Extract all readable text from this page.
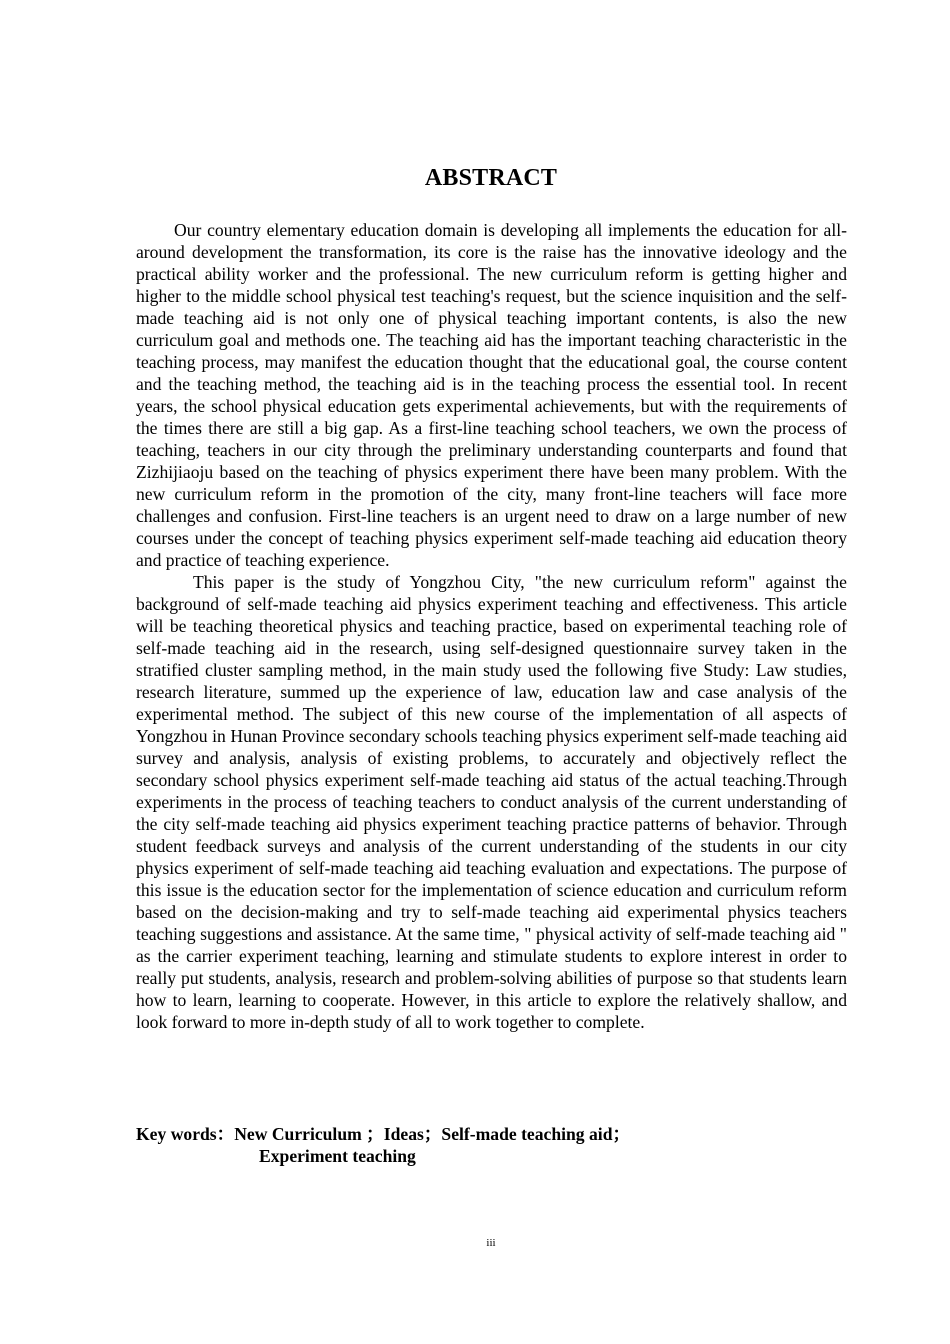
ABSTRACT

Our country elementary education domain is developing all implements the education for all-around development the transformation, its core is the raise has the innovative ideology and the practical ability worker and the professional. The new curriculum reform is getting higher and higher to the middle school physical test teaching's request, but the science inquisition and the self-made teaching aid is not only one of physical teaching important contents, is also the new curriculum goal and methods one. The teaching aid has the important teaching characteristic in the teaching process, may manifest the education thought that the educational goal, the course content and the teaching method, the teaching aid is in the teaching process the essential tool. In recent years, the school physical education gets experimental achievements, but with the requirements of the times there are still a big gap. As a first-line teaching school teachers, we own the process of teaching, teachers in our city through the preliminary understanding counterparts and found that Zizhijiaoju based on the teaching of physics experiment there have been many problem. With the new curriculum reform in the promotion of the city, many front-line teachers will face more challenges and confusion. First-line teachers is an urgent need to draw on a large number of new courses under the concept of teaching physics experiment self-made teaching aid education theory and practice of teaching experience.

This paper is the study of Yongzhou City, "the new curriculum reform" against the background of self-made teaching aid physics experiment teaching and effectiveness. This article will be teaching theoretical physics and teaching practice, based on experimental teaching role of self-made teaching aid in the research, using self-designed questionnaire survey taken in the stratified cluster sampling method, in the main study used the following five Study: Law studies, research literature, summed up the experience of law, education law and case analysis of the experimental method. The subject of this new course of the implementation of all aspects of Yongzhou in Hunan Province secondary schools teaching physics experiment self-made teaching aid survey and analysis, analysis of existing problems, to accurately and objectively reflect the secondary school physics experiment self-made teaching aid status of the actual teaching.Through experiments in the process of teaching teachers to conduct analysis of the current understanding of the city self-made teaching aid physics experiment teaching practice patterns of behavior. Through student feedback surveys and analysis of the current understanding of the students in our city physics experiment of self-made teaching aid teaching evaluation and expectations. The purpose of this issue is the education sector for the implementation of science education and curriculum reform based on the decision-making and try to self-made teaching aid experimental physics teachers teaching suggestions and assistance. At the same time, " physical activity of self-made teaching aid " as the carrier experiment teaching, learning and stimulate students to explore interest in order to really put students, analysis, research and problem-solving abilities of purpose so that students learn how to learn, learning to cooperate. However, in this article to explore the relatively shallow, and look forward to more in-depth study of all to work together to complete.

Key words：New Curriculum ；Ideas；Self-made teaching aid；
Experiment teaching
iii
